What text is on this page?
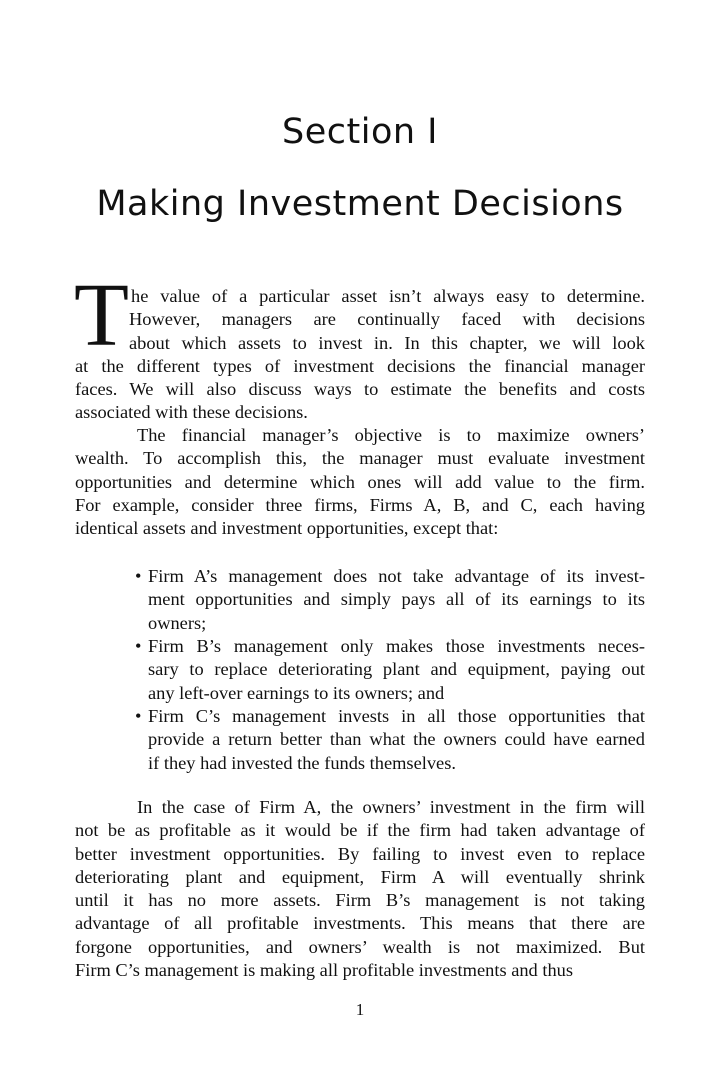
Section I
Making Investment Decisions
T he value of a particular asset isn’t always easy to determine.
However, managers are continually faced with decisions
about which assets to invest in. In this chapter, we will look
at the different types of investment decisions the financial manager
faces. We will also discuss ways to estimate the benefits and costs
associated with these decisions.
The financial manager’s objective is to maximize owners’
wealth. To accomplish this, the manager must evaluate investment
opportunities and determine which ones will add value to the firm.
For example, consider three firms, Firms A, B, and C, each having
identical assets and investment opportunities, except that:
• Firm A’s management does not take advantage of its invest-
ment opportunities and simply pays all of its earnings to its
owners;
• Firm B’s management only makes those investments neces-
sary to replace deteriorating plant and equipment, paying out
any left-over earnings to its owners; and
• Firm C’s management invests in all those opportunities that
provide a return better than what the owners could have earned
if they had invested the funds themselves.
In the case of Firm A, the owners’ investment in the firm will
not be as profitable as it would be if the firm had taken advantage of
better investment opportunities. By failing to invest even to replace
deteriorating plant and equipment, Firm A will eventually shrink
until it has no more assets. Firm B’s management is not taking
advantage of all profitable investments. This means that there are
forgone opportunities, and owners’ wealth is not maximized. But
Firm C’s management is making all profitable investments and thus
1
